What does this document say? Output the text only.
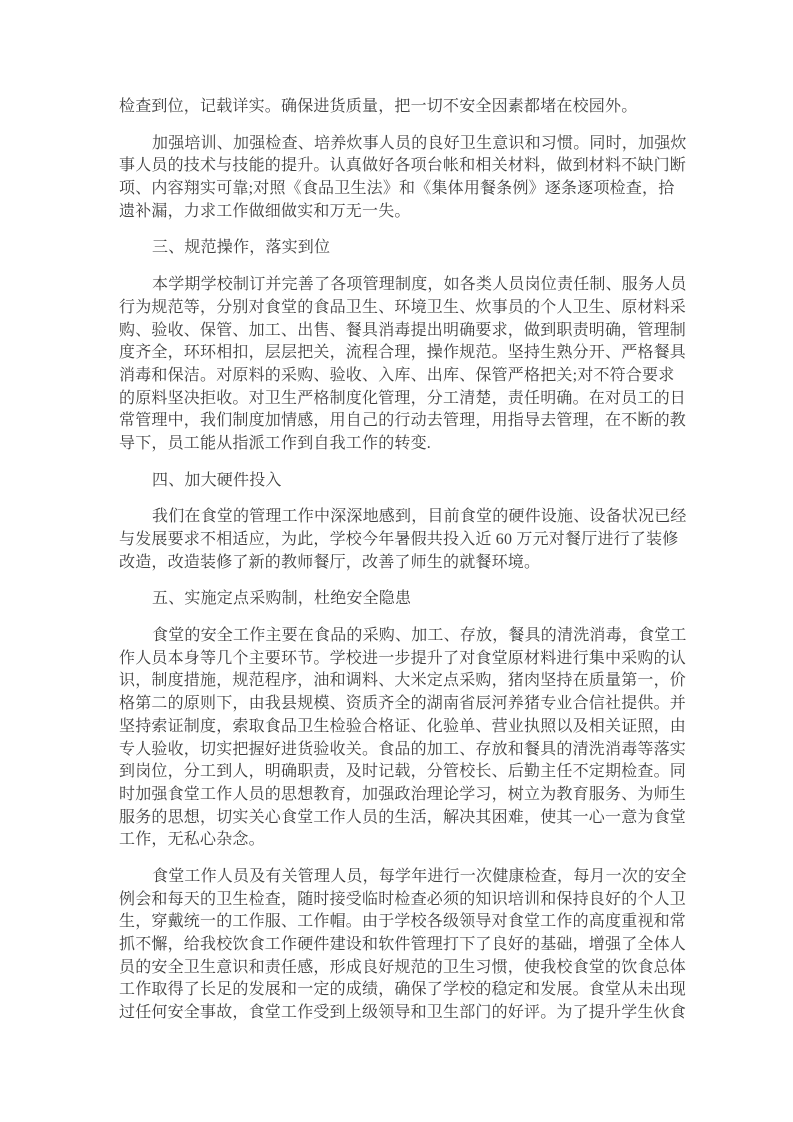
检查到位，记载详实。确保进货质量，把一切不安全因素都堵在校园外。
加强培训、加强检查、培养炊事人员的良好卫生意识和习惯。同时，加强炊
事人员的技术与技能的提升。认真做好各项台帐和相关材料，做到材料不缺门断
项、内容翔实可靠;对照《食品卫生法》和《集体用餐条例》逐条逐项检查，拾
遗补漏，力求工作做细做实和万无一失。
三、规范操作，落实到位
本学期学校制订并完善了各项管理制度，如各类人员岗位责任制、服务人员
行为规范等，分别对食堂的食品卫生、环境卫生、炊事员的个人卫生、原材料采
购、验收、保管、加工、出售、餐具消毒提出明确要求，做到职责明确，管理制
度齐全，环环相扣，层层把关，流程合理，操作规范。坚持生熟分开、严格餐具
消毒和保洁。对原料的采购、验收、入库、出库、保管严格把关;对不符合要求
的原料坚决拒收。对卫生严格制度化管理，分工清楚，责任明确。在对员工的日
常管理中，我们制度加情感，用自己的行动去管理，用指导去管理，在不断的教
导下，员工能从指派工作到自我工作的转变.
四、加大硬件投入
我们在食堂的管理工作中深深地感到，目前食堂的硬件设施、设备状况已经
与发展要求不相适应，为此，学校今年暑假共投入近 60 万元对餐厅进行了装修
改造，改造装修了新的教师餐厅，改善了师生的就餐环境。
五、实施定点采购制，杜绝安全隐患
食堂的安全工作主要在食品的采购、加工、存放，餐具的清洗消毒，食堂工
作人员本身等几个主要环节。学校进一步提升了对食堂原材料进行集中采购的认
识，制度措施，规范程序，油和调料、大米定点采购，猪肉坚持在质量第一，价
格第二的原则下，由我县规模、资质齐全的湖南省辰河养猪专业合信社提供。并
坚持索证制度，索取食品卫生检验合格证、化验单、营业执照以及相关证照，由
专人验收，切实把握好进货验收关。食品的加工、存放和餐具的清洗消毒等落实
到岗位，分工到人，明确职责，及时记载，分管校长、后勤主任不定期检查。同
时加强食堂工作人员的思想教育，加强政治理论学习，树立为教育服务、为师生
服务的思想，切实关心食堂工作人员的生活，解决其困难，使其一心一意为食堂
工作，无私心杂念。
食堂工作人员及有关管理人员，每学年进行一次健康检查，每月一次的安全
例会和每天的卫生检查，随时接受临时检查必须的知识培训和保持良好的个人卫
生，穿戴统一的工作服、工作帽。由于学校各级领导对食堂工作的高度重视和常
抓不懈，给我校饮食工作硬件建设和软件管理打下了良好的基础，增强了全体人
员的安全卫生意识和责任感，形成良好规范的卫生习惯，使我校食堂的饮食总体
工作取得了长足的发展和一定的成绩，确保了学校的稳定和发展。食堂从未出现
过任何安全事故，食堂工作受到上级领导和卫生部门的好评。为了提升学生伙食
